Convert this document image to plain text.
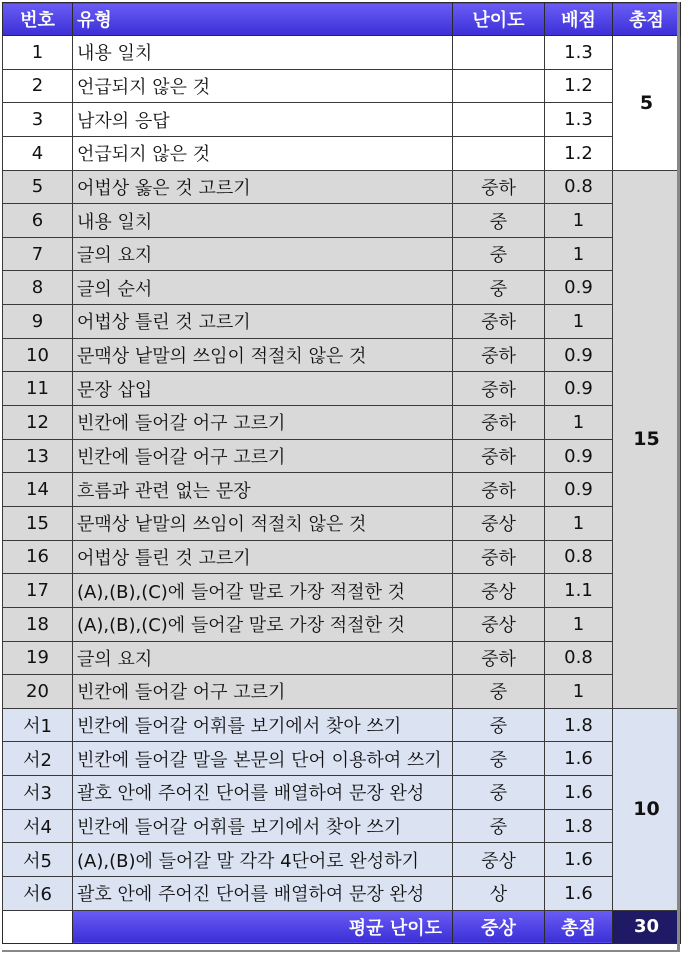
번호	유형	난이도	배점	총점
1	내용 일치		1.3	5
2	언급되지 않은 것		1.2	
3	남자의 응답		1.3	
4	언급되지 않은 것		1.2	
5	어법상 옳은 것 고르기	중하	0.8	15
6	내용 일치	중	1	
7	글의 요지	중	1	
8	글의 순서	중	0.9	
9	어법상 틀린 것 고르기	중하	1	
10	문맥상 낱말의 쓰임이 적절치 않은 것	중하	0.9	
11	문장 삽입	중하	0.9	
12	빈칸에 들어갈 어구 고르기	중하	1	
13	빈칸에 들어갈 어구 고르기	중하	0.9	
14	흐름과 관련 없는 문장	중하	0.9	
15	문맥상 낱말의 쓰임이 적절치 않은 것	중상	1	
16	어법상 틀린 것 고르기	중하	0.8	
17	(A),(B),(C)에 들어갈 말로 가장 적절한 것	중상	1.1	
18	(A),(B),(C)에 들어갈 말로 가장 적절한 것	중상	1	
19	글의 요지	중하	0.8	
20	빈칸에 들어갈 어구 고르기	중	1	
서1	빈칸에 들어갈 어휘를 보기에서 찾아 쓰기	중	1.8	10
서2	빈칸에 들어갈 말을 본문의 단어 이용하여 쓰기	중	1.6	
서3	괄호 안에 주어진 단어를 배열하여 문장 완성	중	1.6	
서4	빈칸에 들어갈 어휘를 보기에서 찾아 쓰기	중	1.8	
서5	(A),(B)에 들어갈 말 각각 4단어로 완성하기	중상	1.6	
서6	괄호 안에 주어진 단어를 배열하여 문장 완성	상	1.6	
	평균 난이도	중상	총점	30
